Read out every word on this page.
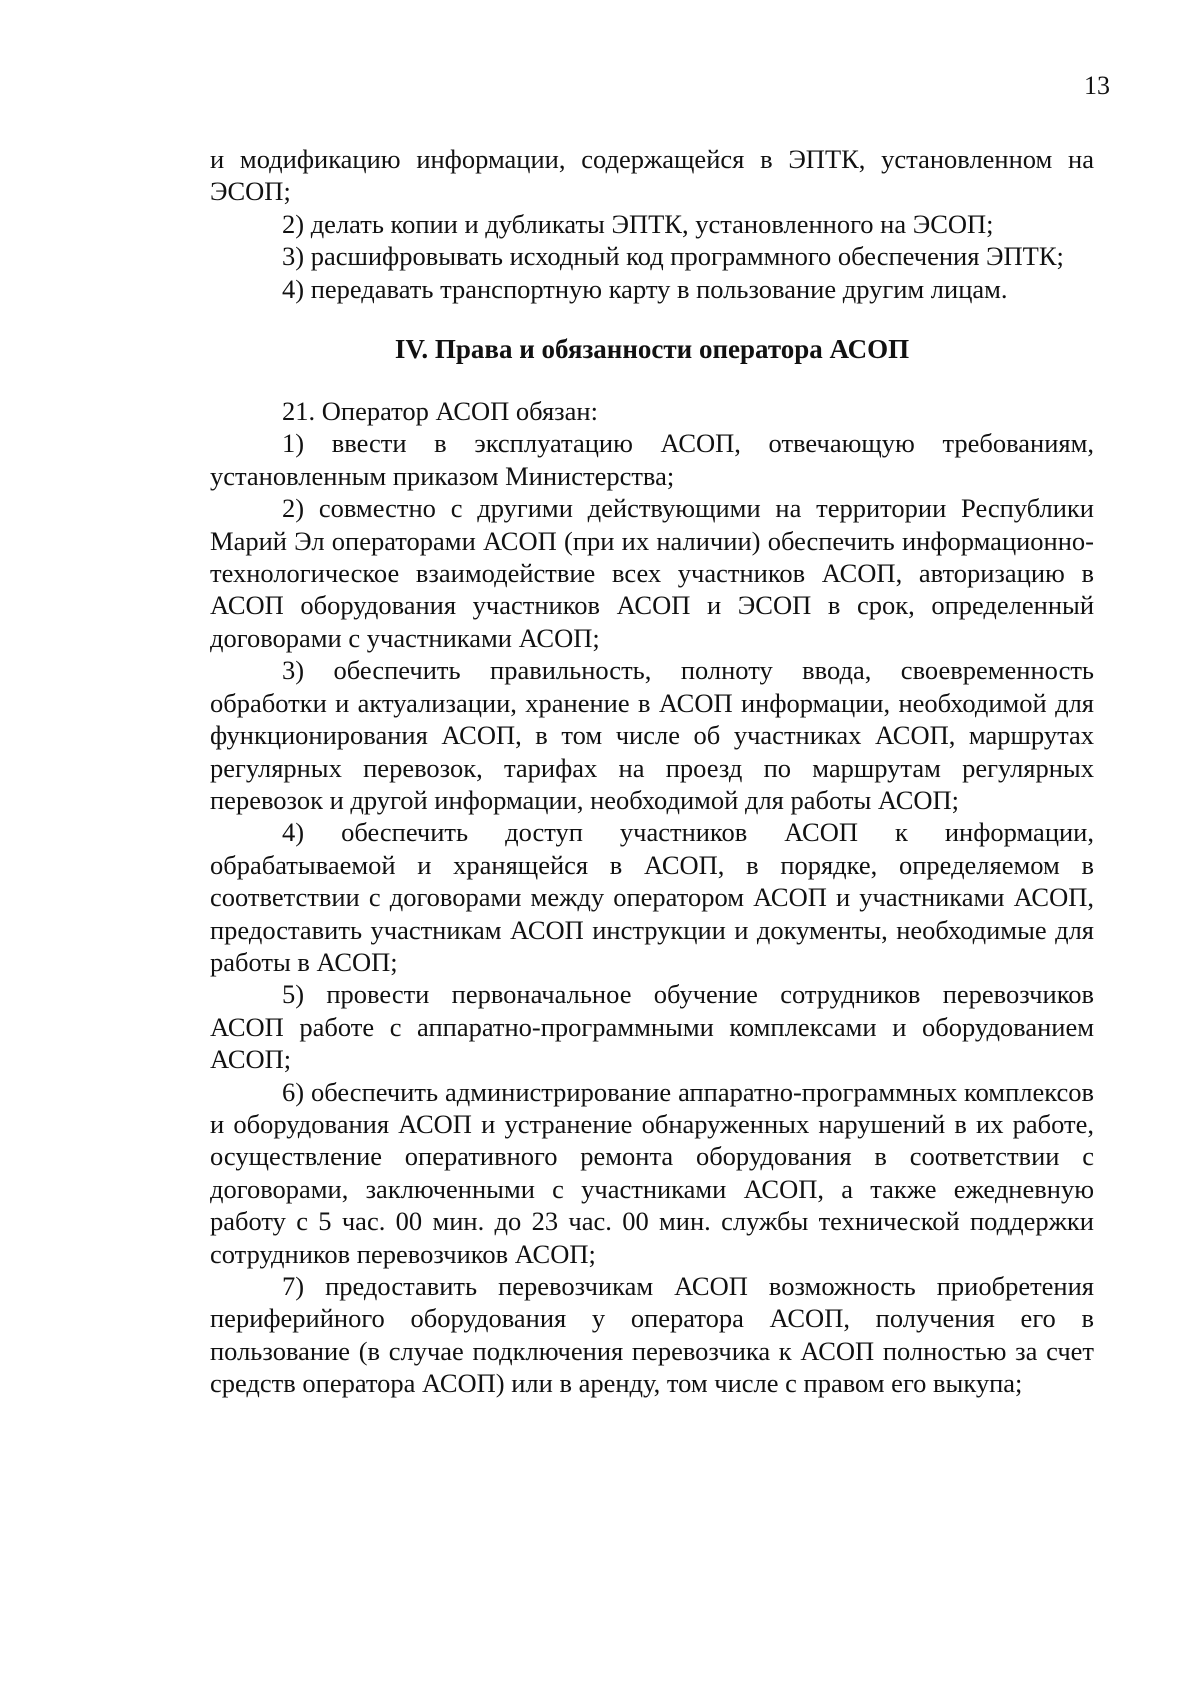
13

и модификацию информации, содержащейся в ЭПТК, установленном на ЭСОП;

2) делать копии и дубликаты ЭПТК, установленного на ЭСОП;

3) расшифровывать исходный код программного обеспечения ЭПТК;

4) передавать транспортную карту в пользование другим лицам.

IV. Права и обязанности оператора АСОП

21. Оператор АСОП обязан:

1) ввести в эксплуатацию АСОП, отвечающую требованиям, установленным приказом Министерства;

2) совместно с другими действующими на территории Республики Марий Эл операторами АСОП (при их наличии) обеспечить информационно-технологическое взаимодействие всех участников АСОП, авторизацию в АСОП оборудования участников АСОП и ЭСОП в срок, определенный договорами с участниками АСОП;

3) обеспечить правильность, полноту ввода, своевременность обработки и актуализации, хранение в АСОП информации, необходимой для функционирования АСОП, в том числе об участниках АСОП, маршрутах регулярных перевозок, тарифах на проезд по маршрутам регулярных перевозок и другой информации, необходимой для работы АСОП;

4) обеспечить доступ участников АСОП к информации, обрабатываемой и хранящейся в АСОП, в порядке, определяемом в соответствии с договорами между оператором АСОП и участниками АСОП, предоставить участникам АСОП инструкции и документы, необходимые для работы в АСОП;

5) провести первоначальное обучение сотрудников перевозчиков АСОП работе с аппаратно-программными комплексами и оборудованием АСОП;

6) обеспечить администрирование аппаратно-программных комплексов и оборудования АСОП и устранение обнаруженных нарушений в их работе, осуществление оперативного ремонта оборудования в соответствии с договорами, заключенными с участниками АСОП, а также ежедневную работу с 5 час. 00 мин. до 23 час. 00 мин. службы технической поддержки сотрудников перевозчиков АСОП;

7) предоставить перевозчикам АСОП возможность приобретения периферийного оборудования у оператора АСОП, получения его в пользование (в случае подключения перевозчика к АСОП полностью за счет средств оператора АСОП) или в аренду, том числе с правом его выкупа;
